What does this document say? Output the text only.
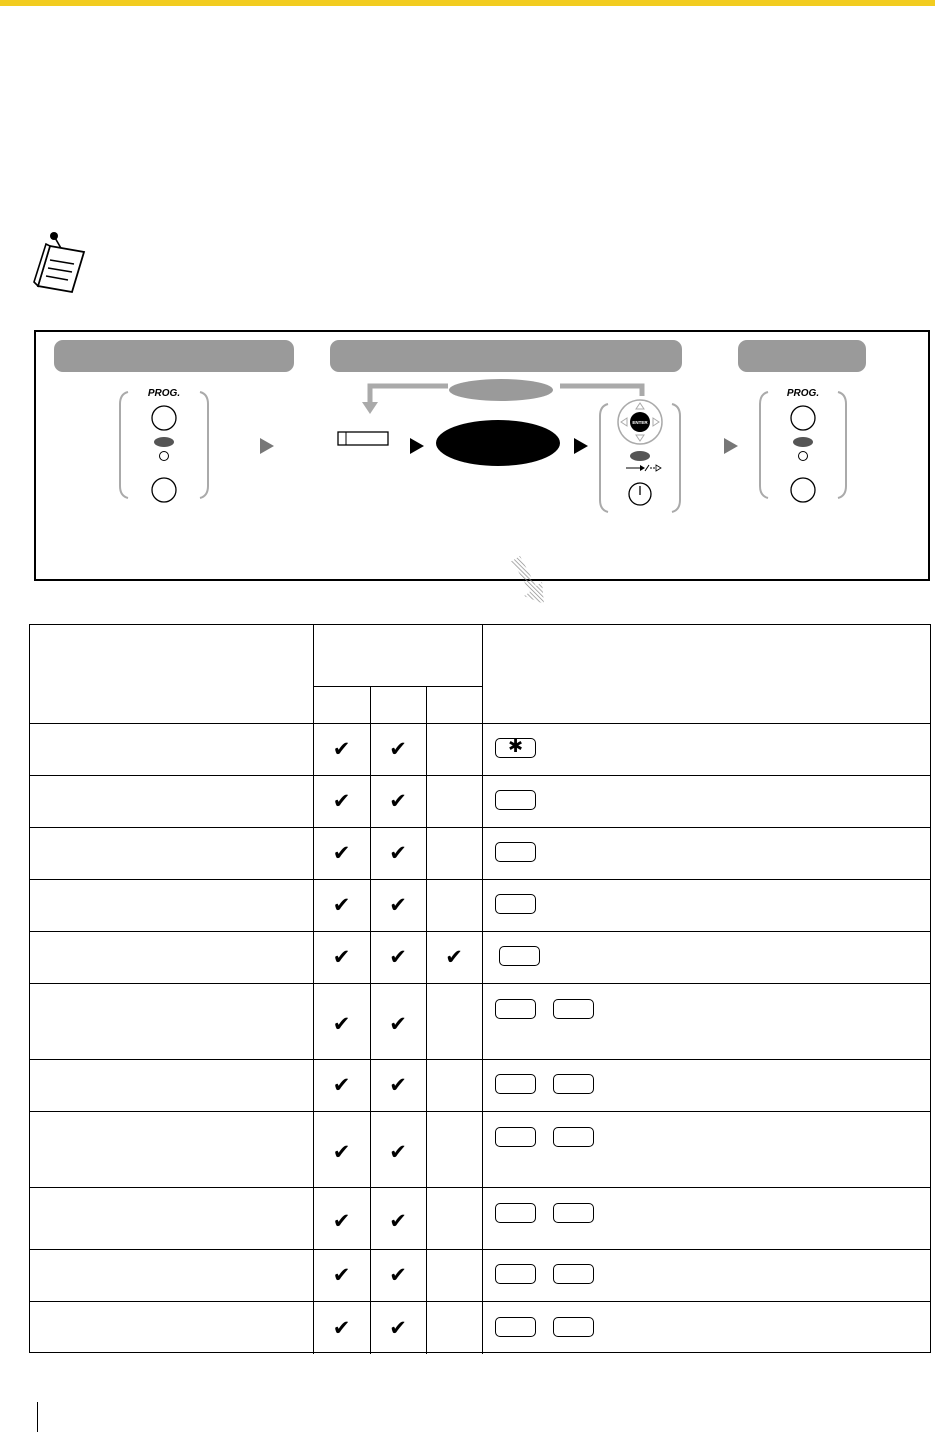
PROG.
ENTER
PROG.
✔ ✔	✱
✔ ✔
✔ ✔
✔ ✔
✔ ✔ ✔
✔ ✔
✔ ✔
✔ ✔
✔ ✔
✔ ✔
✔ ✔
